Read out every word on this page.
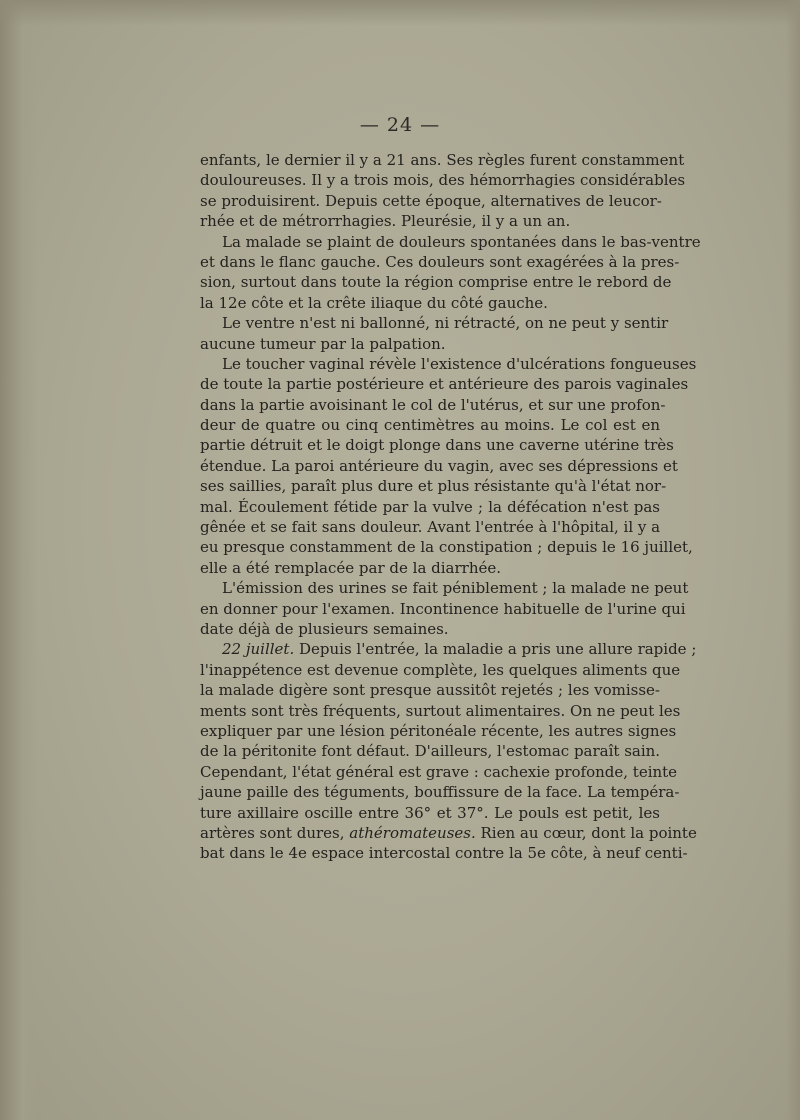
— 24 —
enfants, le dernier il y a 21 ans. Ses règles furent constamment
douloureuses. Il y a trois mois, des hémorrhagies considérables
se produisirent. Depuis cette époque, alternatives de leucor-
rhée et de métrorrhagies. Pleurésie, il y a un an.
La malade se plaint de douleurs spontanées dans le bas-ventre
et dans le flanc gauche. Ces douleurs sont exagérées à la pres-
sion, surtout dans toute la région comprise entre le rebord de
la 12e côte et la crête iliaque du côté gauche.
Le ventre n'est ni ballonné, ni rétracté, on ne peut y sentir
aucune tumeur par la palpation.
Le toucher vaginal révèle l'existence d'ulcérations fongueuses
de toute la partie postérieure et antérieure des parois vaginales
dans la partie avoisinant le col de l'utérus, et sur une profon-
deur de quatre ou cinq centimètres au moins. Le col est en
partie détruit et le doigt plonge dans une caverne utérine très
étendue. La paroi antérieure du vagin, avec ses dépressions et
ses saillies, paraît plus dure et plus résistante qu'à l'état nor-
mal. Écoulement fétide par la vulve ; la défécation n'est pas
gênée et se fait sans douleur. Avant l'entrée à l'hôpital, il y a
eu presque constamment de la constipation ; depuis le 16 juillet,
elle a été remplacée par de la diarrhée.
L'émission des urines se fait péniblement ; la malade ne peut
en donner pour l'examen. Incontinence habituelle de l'urine qui
date déjà de plusieurs semaines.
22 juillet. Depuis l'entrée, la maladie a pris une allure rapide ;
l'inappétence est devenue complète, les quelques aliments que
la malade digère sont presque aussitôt rejetés ; les vomisse-
ments sont très fréquents, surtout alimentaires. On ne peut les
expliquer par une lésion péritonéale récente, les autres signes
de la péritonite font défaut. D'ailleurs, l'estomac paraît sain.
Cependant, l'état général est grave : cachexie profonde, teinte
jaune paille des téguments, bouffissure de la face. La tempéra-
ture axillaire oscille entre 36° et 37°. Le pouls est petit, les
artères sont dures, athéromateuses. Rien au cœur, dont la pointe
bat dans le 4e espace intercostal contre la 5e côte, à neuf centi-
